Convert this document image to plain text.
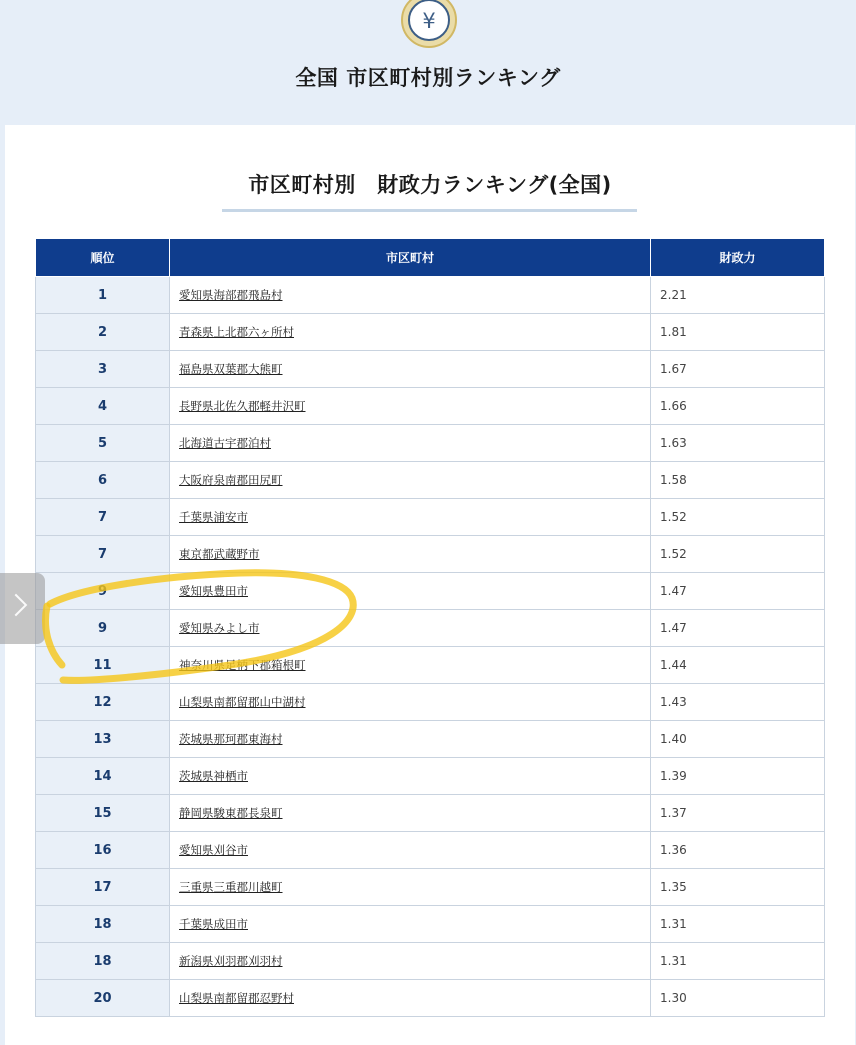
¥
全国 市区町村別ランキング
市区町村別　財政力ランキング(全国)
順位	市区町村	財政力
1	愛知県海部郡飛島村	2.21
2	青森県上北郡六ヶ所村	1.81
3	福島県双葉郡大熊町	1.67
4	長野県北佐久郡軽井沢町	1.66
5	北海道古宇郡泊村	1.63
6	大阪府泉南郡田尻町	1.58
7	千葉県浦安市	1.52
7	東京都武蔵野市	1.52
9	愛知県豊田市	1.47
9	愛知県みよし市	1.47
11	神奈川県足柄下郡箱根町	1.44
12	山梨県南都留郡山中湖村	1.43
13	茨城県那珂郡東海村	1.40
14	茨城県神栖市	1.39
15	静岡県駿東郡長泉町	1.37
16	愛知県刈谷市	1.36
17	三重県三重郡川越町	1.35
18	千葉県成田市	1.31
18	新潟県刈羽郡刈羽村	1.31
20	山梨県南都留郡忍野村	1.30
